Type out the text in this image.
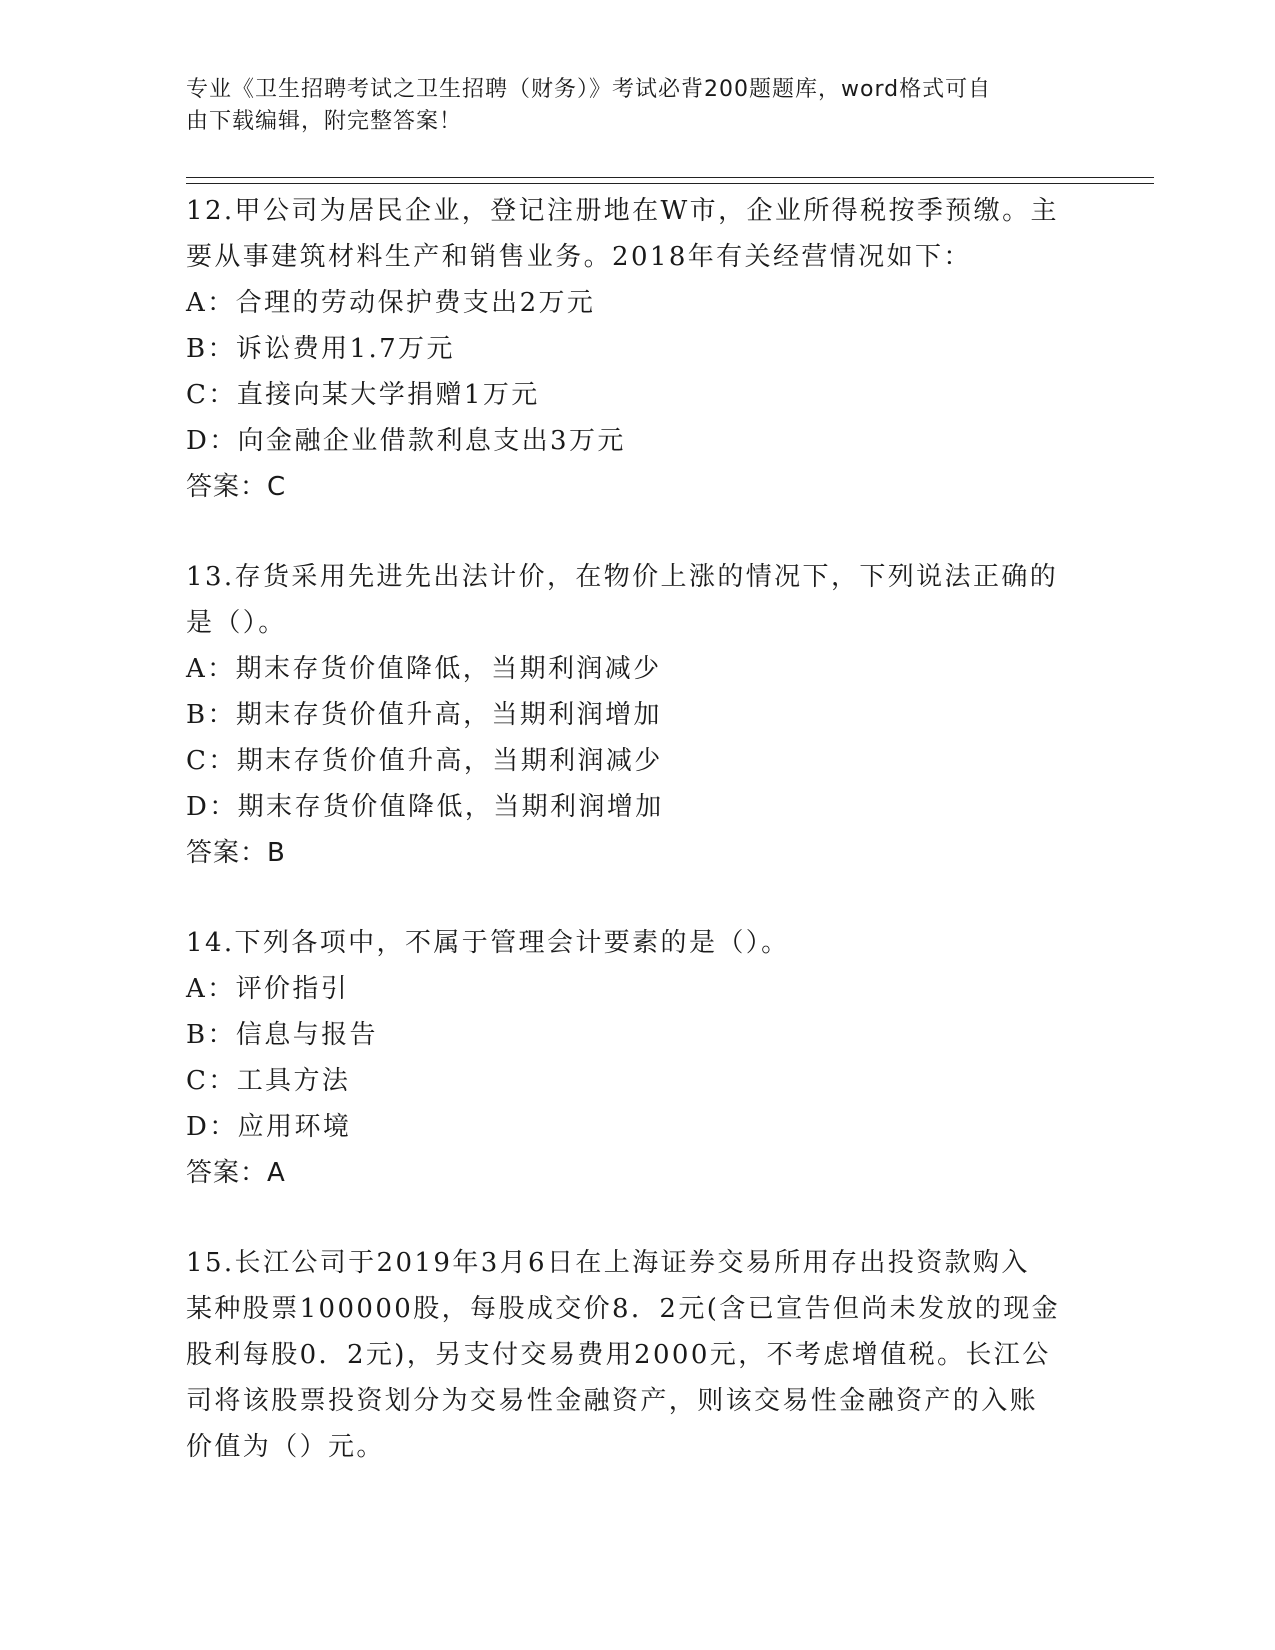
专业《卫生招聘考试之卫生招聘（财务）》考试必背200题题库，word格式可自
由下载编辑，附完整答案！
12.甲公司为居民企业，登记注册地在W市，企业所得税按季预缴。主
要从事建筑材料生产和销售业务。2018年有关经营情况如下：
A：合理的劳动保护费支出2万元
B：诉讼费用1.7万元
C：直接向某大学捐赠1万元
D：向金融企业借款利息支出3万元
答案：C
13.存货采用先进先出法计价，在物价上涨的情况下，下列说法正确的
是（）。
A：期末存货价值降低，当期利润减少
B：期末存货价值升高，当期利润增加
C：期末存货价值升高，当期利润减少
D：期末存货价值降低，当期利润增加
答案：B
14.下列各项中，不属于管理会计要素的是（）。
A：评价指引
B：信息与报告
C：工具方法
D：应用环境
答案：A
15.长江公司于2019年3月6日在上海证券交易所用存出投资款购入
某种股票100000股，每股成交价8．2元(含已宣告但尚未发放的现金
股利每股0．2元)，另支付交易费用2000元，不考虑增值税。长江公
司将该股票投资划分为交易性金融资产，则该交易性金融资产的入账
价值为（）元。
